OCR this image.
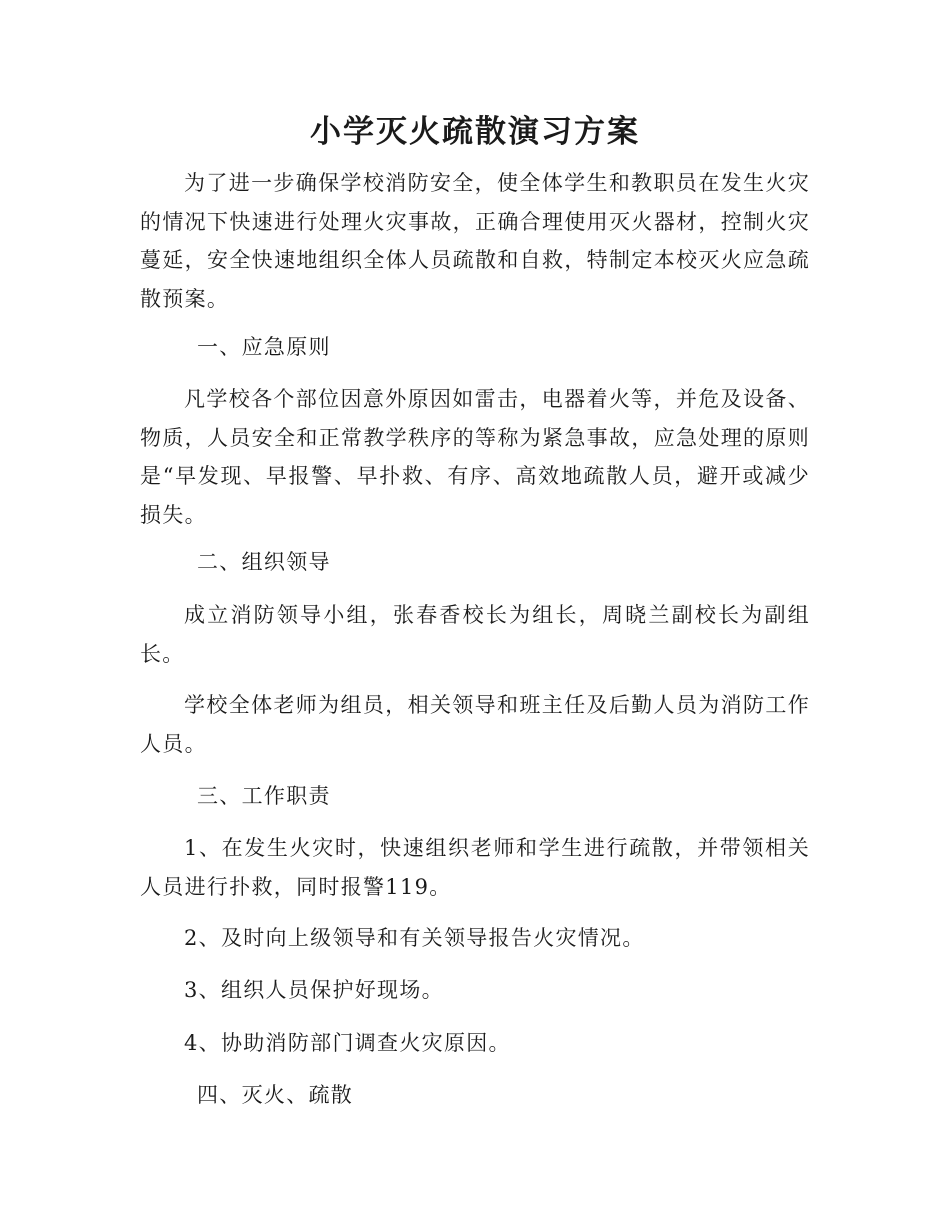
小学灭火疏散演习方案

为了进一步确保学校消防安全，使全体学生和教职员在发生火灾的情况下快速进行处理火灾事故，正确合理使用灭火器材，控制火灾蔓延，安全快速地组织全体人员疏散和自救，特制定本校灭火应急疏散预案。

一、应急原则

凡学校各个部位因意外原因如雷击，电器着火等，并危及设备、物质，人员安全和正常教学秩序的等称为紧急事故，应急处理的原则是“早发现、早报警、早扑救、有序、高效地疏散人员，避开或减少损失。

二、组织领导

成立消防领导小组，张春香校长为组长，周晓兰副校长为副组长。

学校全体老师为组员，相关领导和班主任及后勤人员为消防工作人员。

三、工作职责

1、在发生火灾时，快速组织老师和学生进行疏散，并带领相关人员进行扑救，同时报警119。

2、及时向上级领导和有关领导报告火灾情况。

3、组织人员保护好现场。

4、协助消防部门调查火灾原因。

四、灭火、疏散
